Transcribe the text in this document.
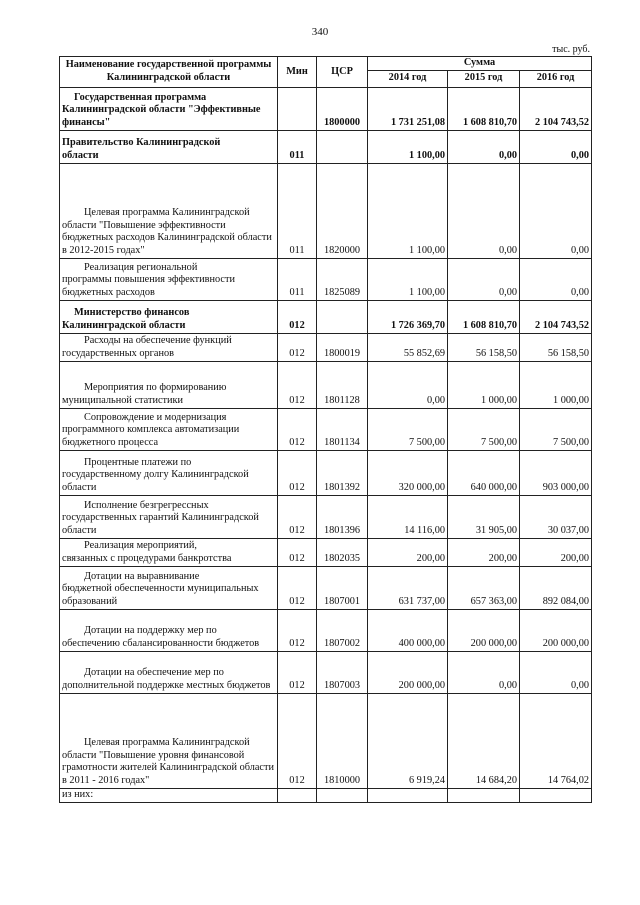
340
тыс. руб.
Наименование государственной программы Калининградской области	Мин	ЦСР	Сумма		
			2014 год	2015 год	2016 год

Государственная программа
Калининградской области "Эффективные финансы"		1800000	1 731 251,08	1 608 810,70	2 104 743,52

Правительство Калининградской
области	011		1 100,00	0,00	0,00

Целевая программа Калининградской
области "Повышение эффективности бюджетных расходов Калининградской области в 2012-2015 годах"	011	1820000	1 100,00	0,00	0,00

Реализация региональной
программы повышения эффективности бюджетных расходов	011	1825089	1 100,00	0,00	0,00

Министерство финансов
Калининградской области	012		1 726 369,70	1 608 810,70	2 104 743,52

Расходы на обеспечение функций
государственных органов	012	1800019	55 852,69	56 158,50	56 158,50

Мероприятия по формированию
муниципальной статистики	012	1801128	0,00	1 000,00	1 000,00

Сопровождение и модернизация
программного комплекса автоматизации бюджетного процесса	012	1801134	7 500,00	7 500,00	7 500,00

Процентные платежи по
государственному долгу Калининградской области	012	1801392	320 000,00	640 000,00	903 000,00

Исполнение безгрегрессных
государственных гарантий Калининградской области	012	1801396	14 116,00	31 905,00	30 037,00

Реализация мероприятий,
связанных с процедурами банкротства	012	1802035	200,00	200,00	200,00

Дотации на выравнивание
бюджетной обеспеченности муниципальных образований	012	1807001	631 737,00	657 363,00	892 084,00

Дотации на поддержку мер по
обеспечению сбалансированности бюджетов	012	1807002	400 000,00	200 000,00	200 000,00

Дотации на обеспечение мер по
дополнительной поддержке местных бюджетов	012	1807003	200 000,00	0,00	0,00

Целевая программа Калининградской
области "Повышение уровня финансовой грамотности жителей Калининградской области в 2011 - 2016 годах"	012	1810000	6 919,24	14 684,20	14 764,02

из них:					
